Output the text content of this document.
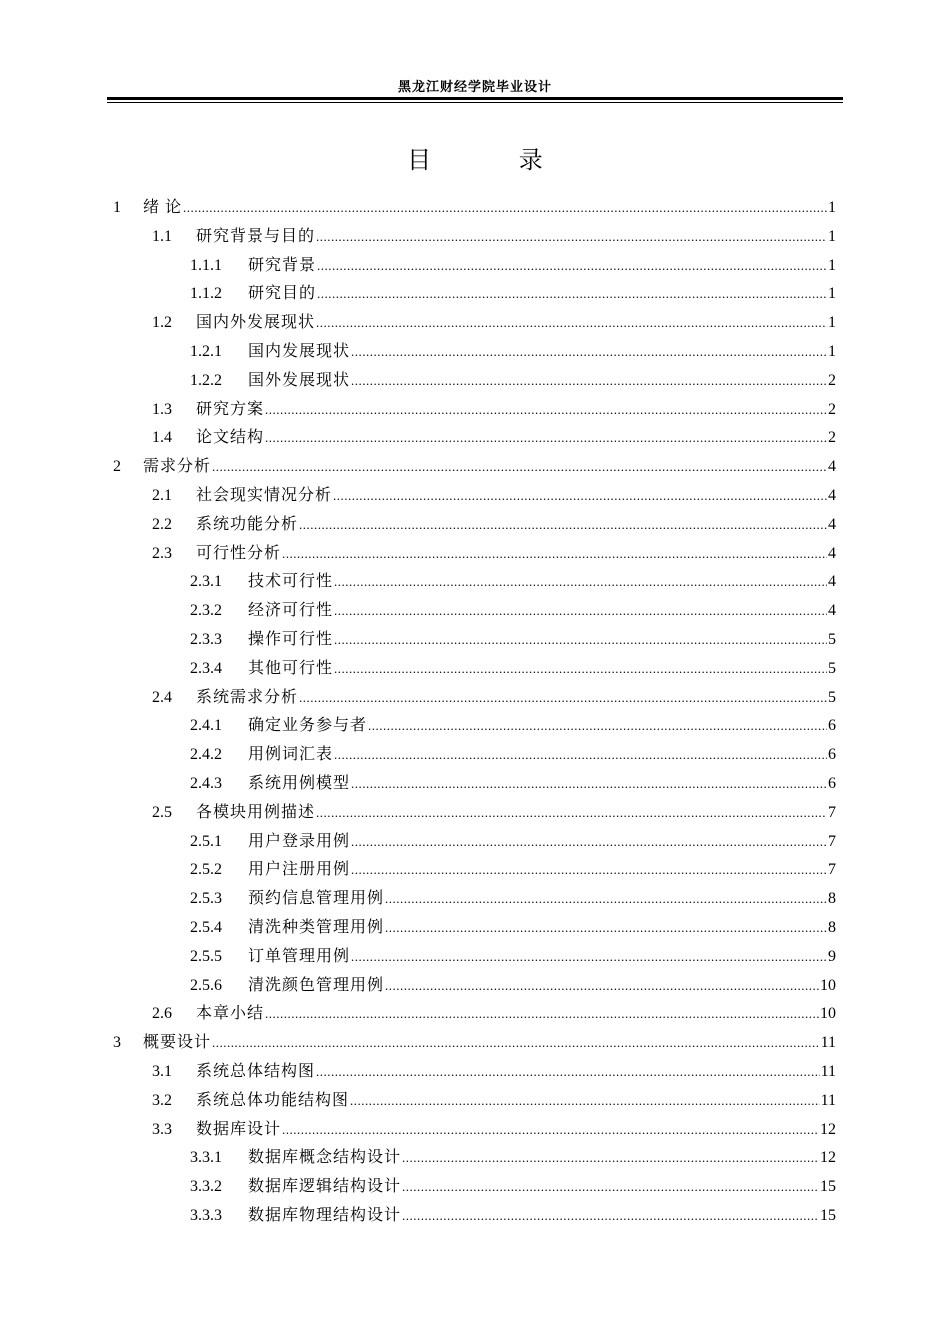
黑龙江财经学院毕业设计
目 录
1	绪 论 .....	1
1.1	研究背景与目的 .....	1
1.1.1	研究背景 .....	1
1.1.2	研究目的 .....	1
1.2	国内外发展现状 .....	1
1.2.1	国内发展现状 .....	1
1.2.2	国外发展现状 .....	2
1.3	研究方案 .....	2
1.4	论文结构 .....	2
2	需求分析 .....	4
2.1	社会现实情况分析 .....	4
2.2	系统功能分析 .....	4
2.3	可行性分析 .....	4
2.3.1	技术可行性 .....	4
2.3.2	经济可行性 .....	4
2.3.3	操作可行性 .....	5
2.3.4	其他可行性 .....	5
2.4	系统需求分析 .....	5
2.4.1	确定业务参与者 .....	6
2.4.2	用例词汇表 .....	6
2.4.3	系统用例模型 .....	6
2.5	各模块用例描述 .....	7
2.5.1	用户登录用例 .....	7
2.5.2	用户注册用例 .....	7
2.5.3	预约信息管理用例 .....	8
2.5.4	清洗种类管理用例 .....	8
2.5.5	订单管理用例 .....	9
2.5.6	清洗颜色管理用例 .....	10
2.6	本章小结 .....	10
3	概要设计 .....	11
3.1	系统总体结构图 .....	11
3.2	系统总体功能结构图 .....	11
3.3	数据库设计 .....	12
3.3.1	数据库概念结构设计 .....	12
3.3.2	数据库逻辑结构设计 .....	15
3.3.3	数据库物理结构设计 .....	15
